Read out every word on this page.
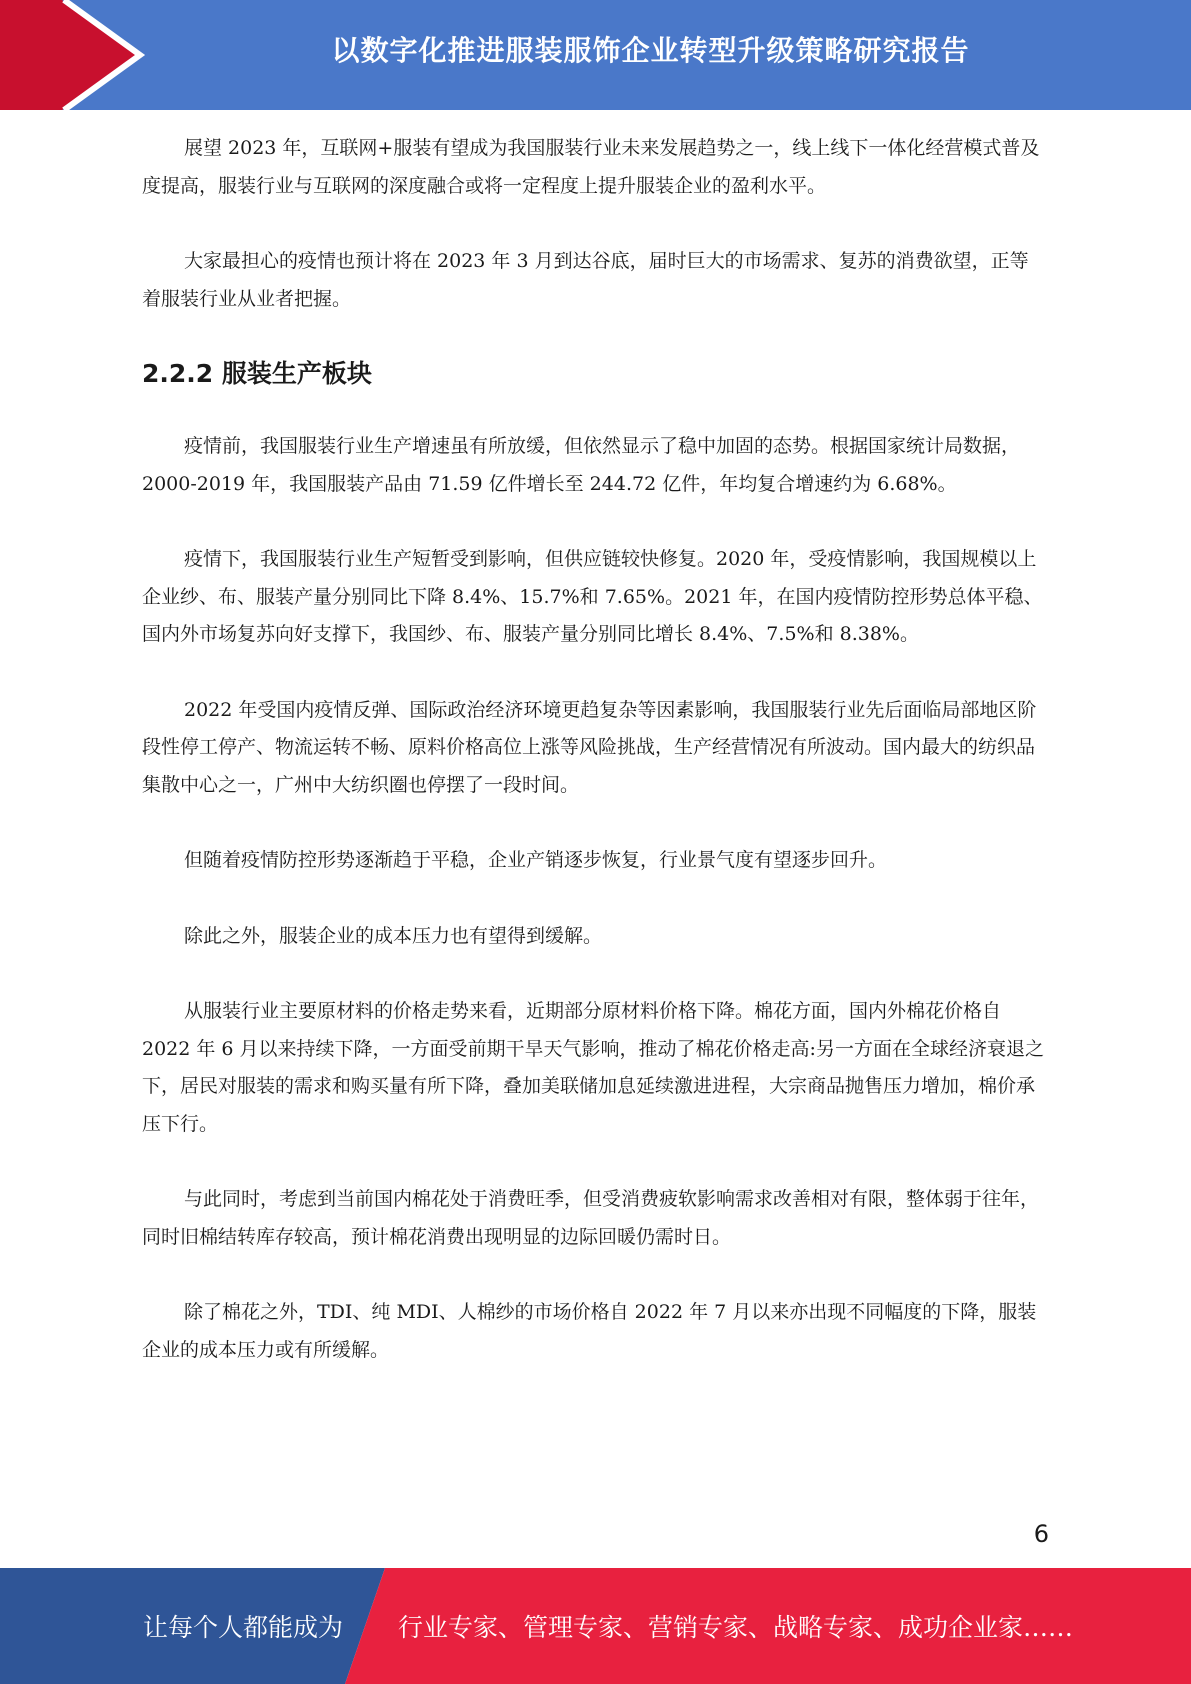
以数字化推进服装服饰企业转型升级策略研究报告

展望 2023 年，互联网+服装有望成为我国服装行业未来发展趋势之一，线上线下一体化经营模式普及度提高，服装行业与互联网的深度融合或将一定程度上提升服装企业的盈利水平。

大家最担心的疫情也预计将在 2023 年 3 月到达谷底，届时巨大的市场需求、复苏的消费欲望，正等着服装行业从业者把握。

2.2.2 服装生产板块

疫情前，我国服装行业生产增速虽有所放缓，但依然显示了稳中加固的态势。根据国家统计局数据，2000-2019 年，我国服装产品由 71.59 亿件增长至 244.72 亿件，年均复合增速约为 6.68%。

疫情下，我国服装行业生产短暂受到影响，但供应链较快修复。2020 年，受疫情影响，我国规模以上企业纱、布、服装产量分别同比下降 8.4%、15.7%和 7.65%。2021 年，在国内疫情防控形势总体平稳、国内外市场复苏向好支撑下，我国纱、布、服装产量分别同比增长 8.4%、7.5%和 8.38%。

2022 年受国内疫情反弹、国际政治经济环境更趋复杂等因素影响，我国服装行业先后面临局部地区阶段性停工停产、物流运转不畅、原料价格高位上涨等风险挑战，生产经营情况有所波动。国内最大的纺织品集散中心之一，广州中大纺织圈也停摆了一段时间。

但随着疫情防控形势逐渐趋于平稳，企业产销逐步恢复，行业景气度有望逐步回升。

除此之外，服装企业的成本压力也有望得到缓解。

从服装行业主要原材料的价格走势来看，近期部分原材料价格下降。棉花方面，国内外棉花价格自 2022 年 6 月以来持续下降，一方面受前期干旱天气影响，推动了棉花价格走高:另一方面在全球经济衰退之下，居民对服装的需求和购买量有所下降，叠加美联储加息延续激进进程，大宗商品抛售压力增加，棉价承压下行。

与此同时，考虑到当前国内棉花处于消费旺季，但受消费疲软影响需求改善相对有限，整体弱于往年，同时旧棉结转库存较高，预计棉花消费出现明显的边际回暖仍需时日。

除了棉花之外，TDI、纯 MDI、人棉纱的市场价格自 2022 年 7 月以来亦出现不同幅度的下降，服装企业的成本压力或有所缓解。

6
让每个人都能成为 行业专家、管理专家、营销专家、战略专家、成功企业家……
